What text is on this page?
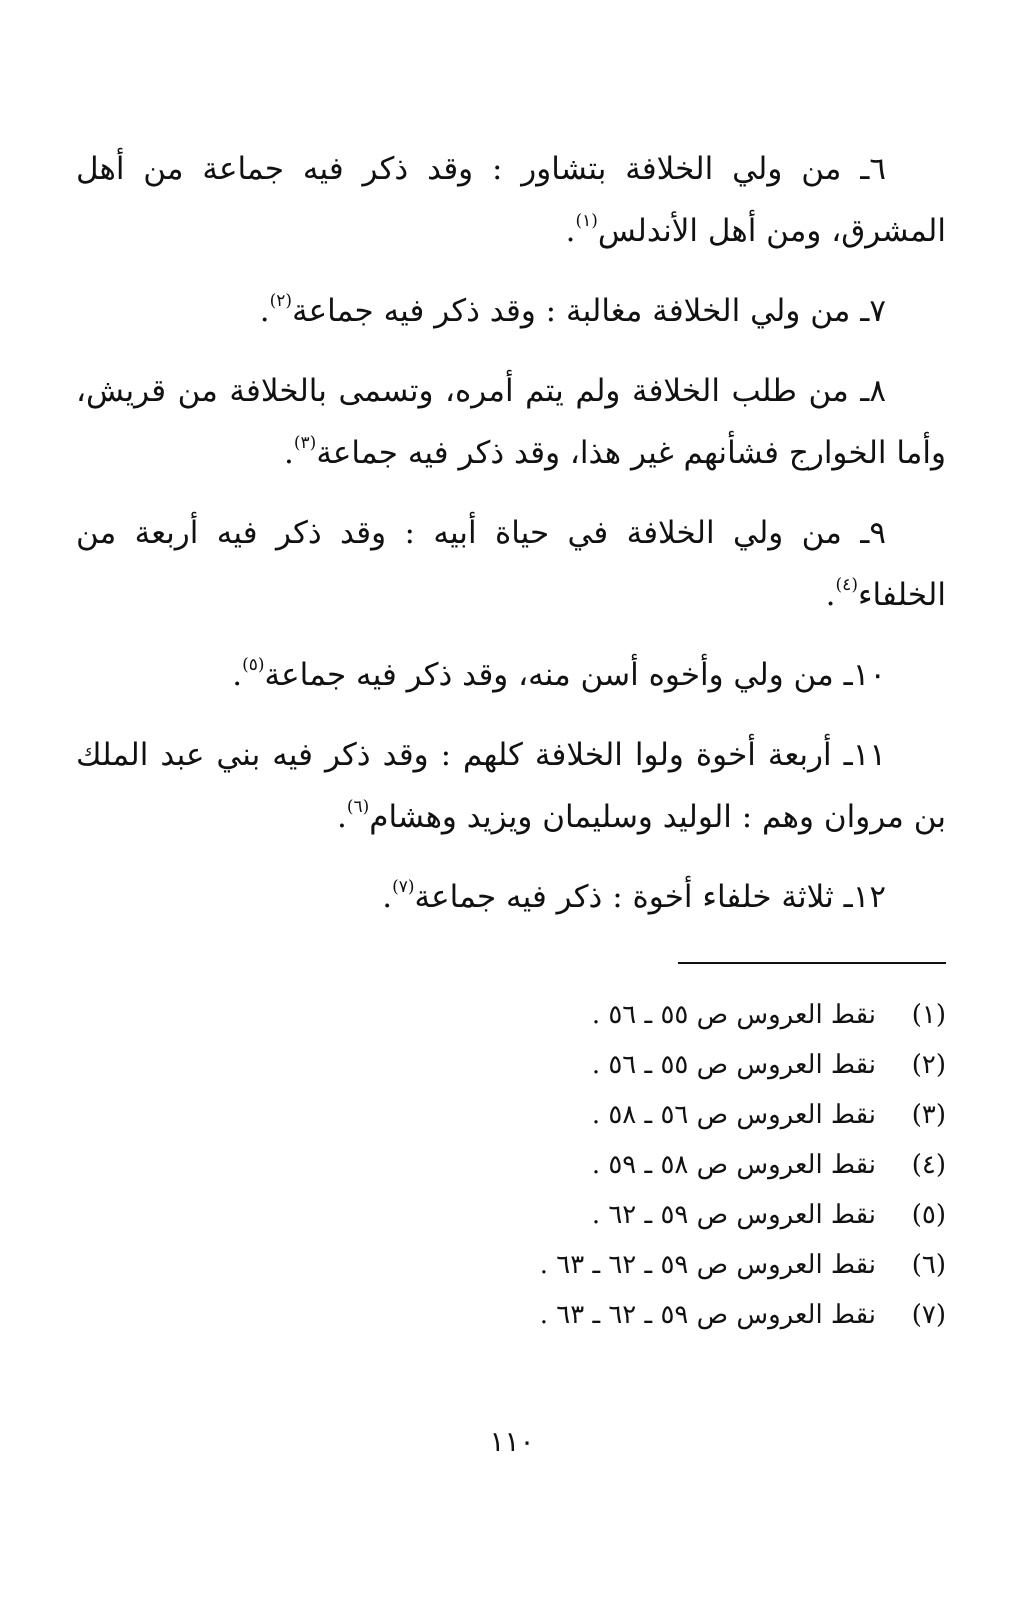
٦ـ من ولي الخلافة بتشاور : وقد ذكر فيه جماعة من أهل المشرق، ومن أهل الأندلس$^{(١)}$.

٧ـ من ولي الخلافة مغالبة : وقد ذكر فيه جماعة$^{(٢)}$.

٨ـ من طلب الخلافة ولم يتم أمره، وتسمى بالخلافة من قريش، وأما الخوارج فشأنهم غير هذا، وقد ذكر فيه جماعة$^{(٣)}$.

٩ـ من ولي الخلافة في حياة أبيه : وقد ذكر فيه أربعة من الخلفاء$^{(٤)}$.

١٠ـ من ولي وأخوه أسن منه، وقد ذكر فيه جماعة$^{(٥)}$.

١١ـ أربعة أخوة ولوا الخلافة كلهم : وقد ذكر فيه بني عبد الملك بن مروان وهم : الوليد وسليمان ويزيد وهشام$^{(٦)}$.

١٢ـ ثلاثة خلفاء أخوة : ذكر فيه جماعة$^{(٧)}$.

(١)
نقط العروس ص ٥٥ ـ ٥٦ .
(٢)
نقط العروس ص ٥٥ ـ ٥٦ .
(٣)
نقط العروس ص ٥٦ ـ ٥٨ .
(٤)
نقط العروس ص ٥٨ ـ ٥٩ .
(٥)
نقط العروس ص ٥٩ ـ ٦٢ .
(٦)
نقط العروس ص ٥٩ ـ ٦٢ ـ ٦٣ .
(٧)
نقط العروس ص ٥٩ ـ ٦٢ ـ ٦٣ .
١١٠
